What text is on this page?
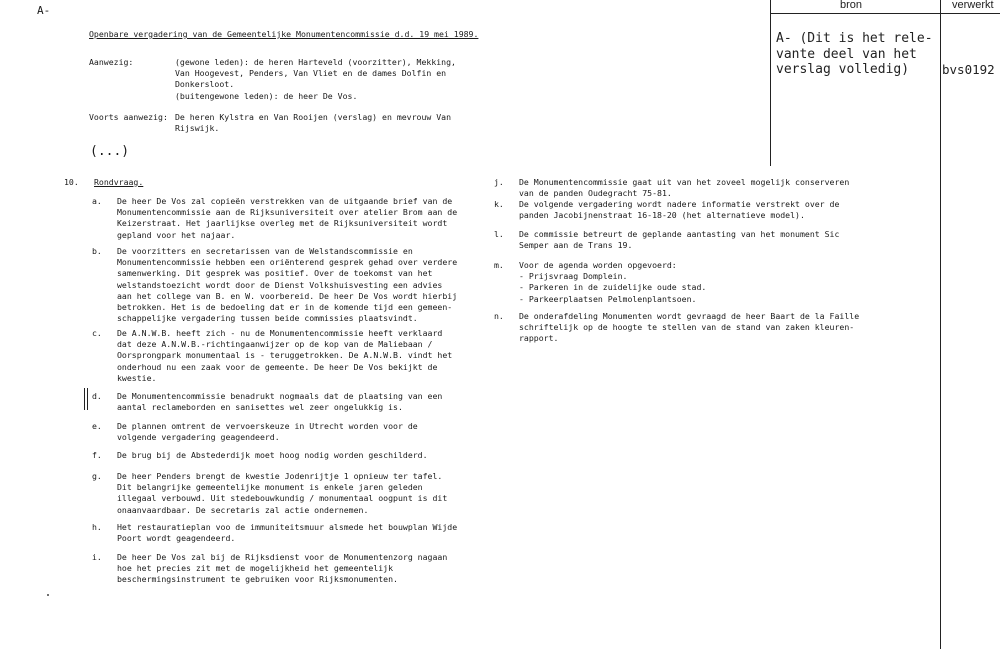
A-	bron	verwerkt
A- (Dit is het rele-
vante deel van het
verslag volledig)	bvs0192
Openbare vergadering van de Gemeentelijke Monumentencommissie d.d. 19 mei 1989.
Aanwezig:	(gewone leden): de heren Harteveld (voorzitter), Mekking,
Van Hoogevest, Penders, Van Vliet en de dames Dolfin en
Donkersloot.
(buitengewone leden): de heer De Vos.
Voorts aanwezig: De heren Kylstra en Van Rooijen (verslag) en mevrouw Van
Rijswijk.
(...)
10. Rondvraag.
a. De heer De Vos zal copieën verstrekken van de uitgaande brief van de
Monumentencommissie aan de Rijksuniversiteit over atelier Brom aan de
Keizerstraat. Het jaarlijkse overleg met de Rijksuniversiteit wordt
gepland voor het najaar.
b. De voorzitters en secretarissen van de Welstandscommissie en
Monumentencommissie hebben een oriënterend gesprek gehad over verdere
samenwerking. Dit gesprek was positief. Over de toekomst van het
welstandstoezicht wordt door de Dienst Volkshuisvesting een advies
aan het college van B. en W. voorbereid. De heer De Vos wordt hierbij
betrokken. Het is de bedoeling dat er in de komende tijd een gemeen-
schappelijke vergadering tussen beide commissies plaatsvindt.
c. De A.N.W.B. heeft zich - nu de Monumentencommissie heeft verklaard
dat deze A.N.W.B.-richtingaanwijzer op de kop van de Maliebaan /
Oorsprongpark monumentaal is - teruggetrokken. De A.N.W.B. vindt het
onderhoud nu een zaak voor de gemeente. De heer De Vos bekijkt de
kwestie.
d. De Monumentencommissie benadrukt nogmaals dat de plaatsing van een
aantal reclameborden en sanisettes wel zeer ongelukkig is.
e. De plannen omtrent de vervoerskeuze in Utrecht worden voor de
volgende vergadering geagendeerd.
f. De brug bij de Abstederdijk moet hoog nodig worden geschilderd.
g. De heer Penders brengt de kwestie Jodenrijtje 1 opnieuw ter tafel.
Dit belangrijke gemeentelijke monument is enkele jaren geleden
illegaal verbouwd. Uit stedebouwkundig / monumentaal oogpunt is dit
onaanvaardbaar. De secretaris zal actie ondernemen.
h. Het restauratieplan voo de immuniteitsmuur alsmede het bouwplan Wijde
Poort wordt geagendeerd.
i. De heer De Vos zal bij de Rijksdienst voor de Monumentenzorg nagaan
hoe het precies zit met de mogelijkheid het gemeentelijk
beschermingsinstrument te gebruiken voor Rijksmonumenten.
j. De Monumentencommissie gaat uit van het zoveel mogelijk conserveren
van de panden Oudegracht 75-81.
k. De volgende vergadering wordt nadere informatie verstrekt over de
panden Jacobijnenstraat 16-18-20 (het alternatieve model).
l. De commissie betreurt de geplande aantasting van het monument Sic
Semper aan de Trans 19.
m. Voor de agenda worden opgevoerd:
- Prijsvraag Domplein.
- Parkeren in de zuidelijke oude stad.
- Parkeerplaatsen Pelmolenplantsoen.
n. De onderafdeling Monumenten wordt gevraagd de heer Baart de la Faille
schriftelijk op de hoogte te stellen van de stand van zaken kleuren-
rapport.
